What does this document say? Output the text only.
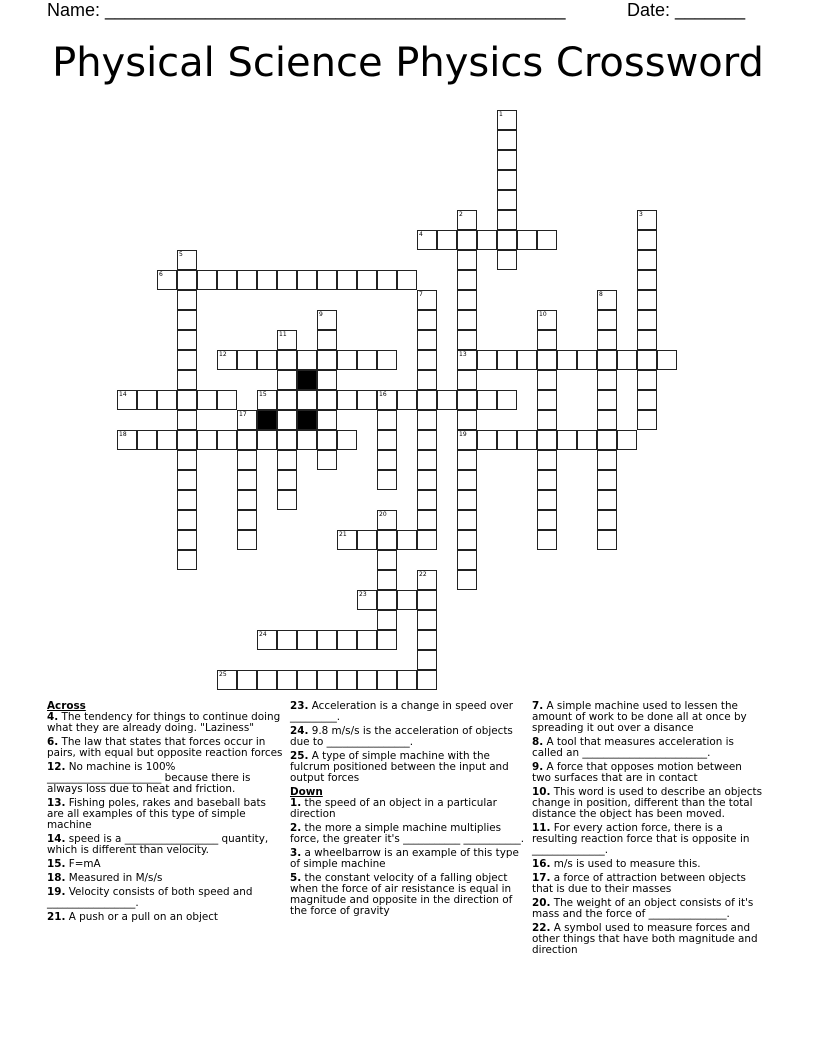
Name: ______________________________________________	Date: _______
Physical Science Physics Crossword
1
2	3
4
5
6
7	8
9	10
11
12	13
14	15	16
17
18	19
20
21
22
23
24
25
Across
4. The tendency for things to continue doing what they are already doing. "Laziness"
6. The law that states that forces occur in pairs, with equal but opposite reaction forces
12. No machine is 100% ______________________ because there is always loss due to heat and friction.
13. Fishing poles, rakes and baseball bats are all examples of this type of simple machine
14. speed is a __________________ quantity, which is different than velocity.
15. F=mA
18. Measured in M/s/s
19. Velocity consists of both speed and _________________.
21. A push or a pull on an object
23. Acceleration is a change in speed over _________.
24. 9.8 m/s/s is the acceleration of objects due to ________________.
25. A type of simple machine with the fulcrum positioned between the input and output forces
Down
1. the speed of an object in a particular direction
2. the more a simple machine multiplies force, the greater it's ___________ ___________.
3. a wheelbarrow is an example of this type of simple machine
5. the constant velocity of a falling object when the force of air resistance is equal in magnitude and opposite in the direction of the force of gravity
7. A simple machine used to lessen the amount of work to be done all at once by spreading it out over a disance
8. A tool that measures acceleration is called an ________________________.
9. A force that opposes motion between two surfaces that are in contact
10. This word is used to describe an objects change in position, different than the total distance the object has been moved.
11. For every action force, there is a resulting reaction force that is opposite in ______________.
16. m/s is used to measure this.
17. a force of attraction between objects that is due to their masses
20. The weight of an object consists of it's mass and the force of _______________.
22. A symbol used to measure forces and other things that have both magnitude and direction
